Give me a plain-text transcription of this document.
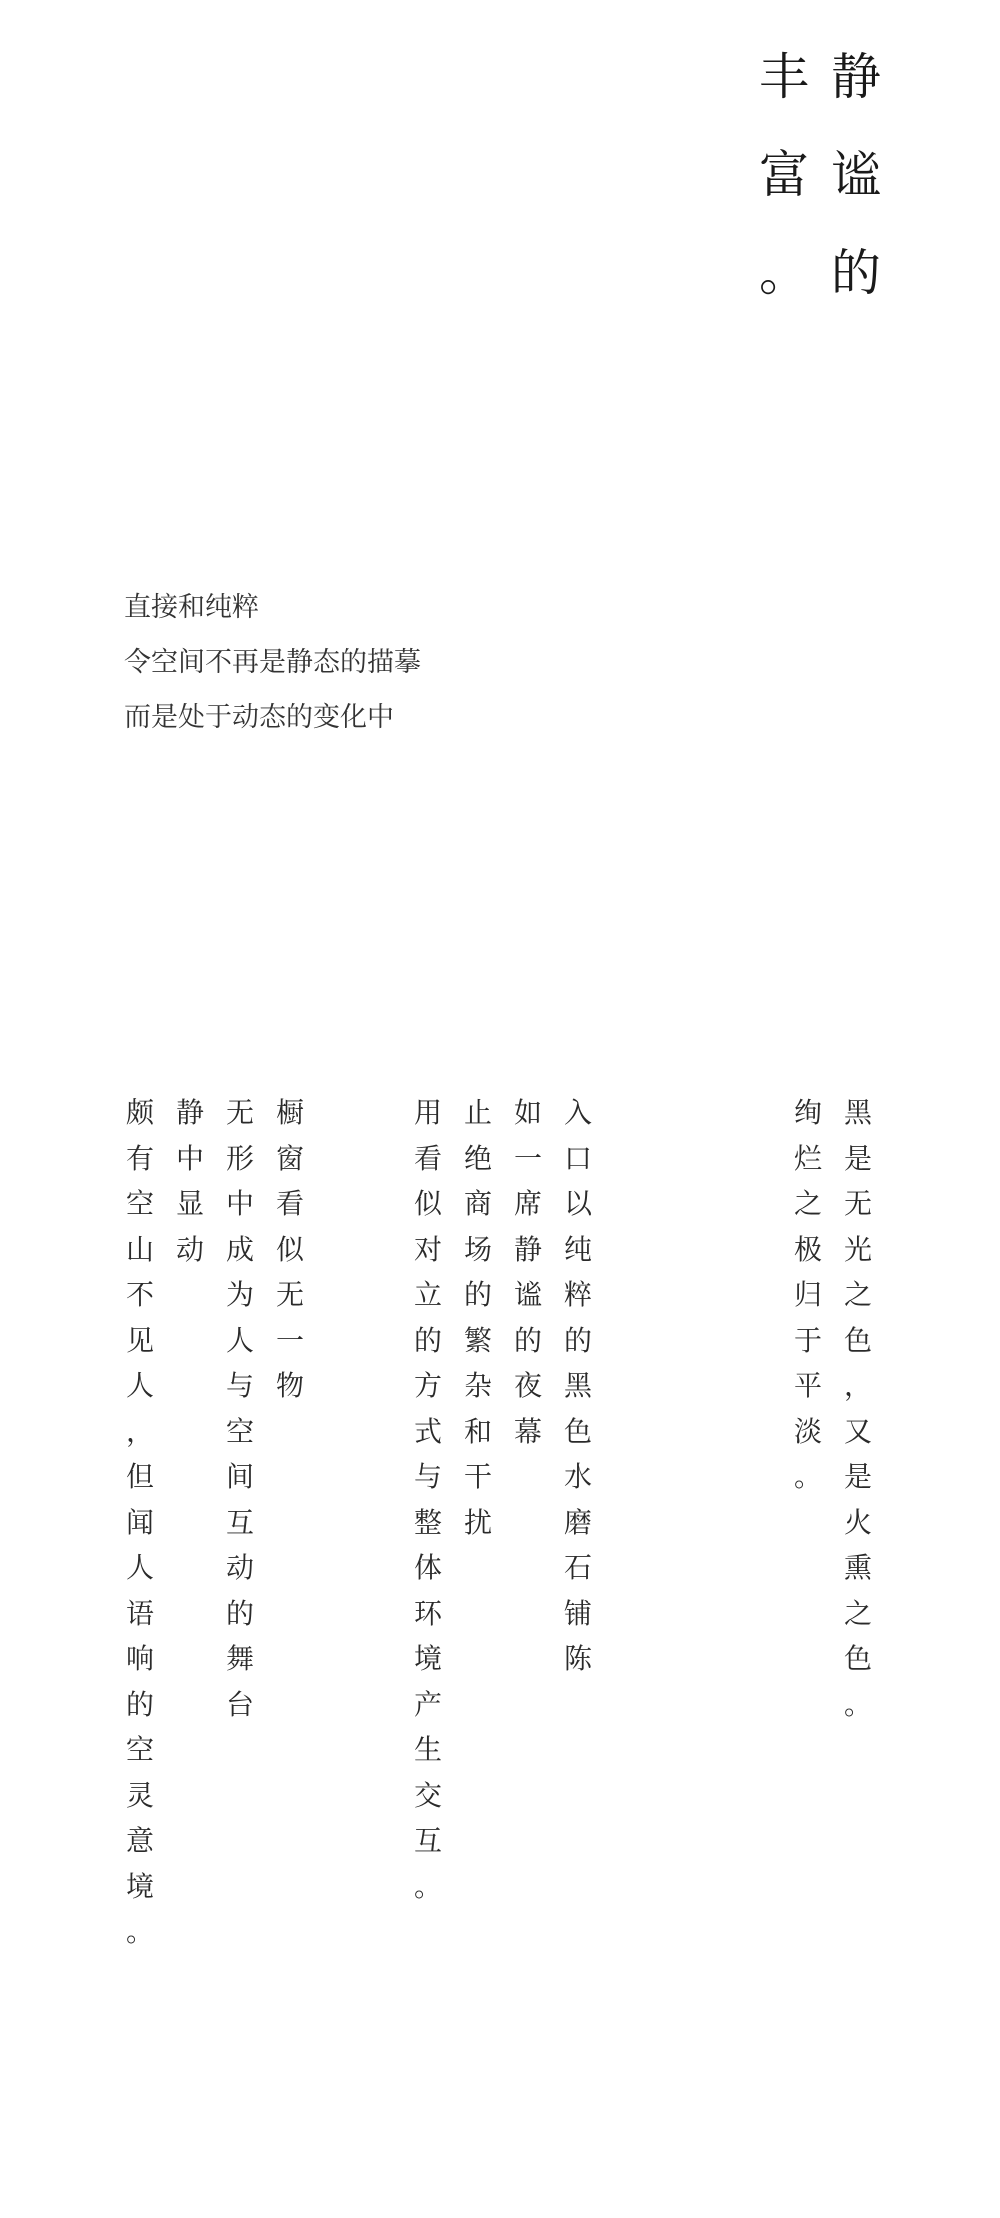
静
谧
的
丰
富
。
直接和纯粹
令空间不再是静态的描摹
而是处于动态的变化中
黑
是
无
光
之
色
，
又
是
火
熏
之
色
。
绚
烂
之
极
归
于
平
淡
。
入
口
以
纯
粹
的
黑
色
水
磨
石
铺
陈
如
一
席
静
谧
的
夜
幕
止
绝
商
场
的
繁
杂
和
干
扰
用
看
似
对
立
的
方
式
与
整
体
环
境
产
生
交
互
。
橱
窗
看
似
无
一
物
无
形
中
成
为
人
与
空
间
互
动
的
舞
台
静
中
显
动
颇
有
空
山
不
见
人
，
但
闻
人
语
响
的
空
灵
意
境
。
